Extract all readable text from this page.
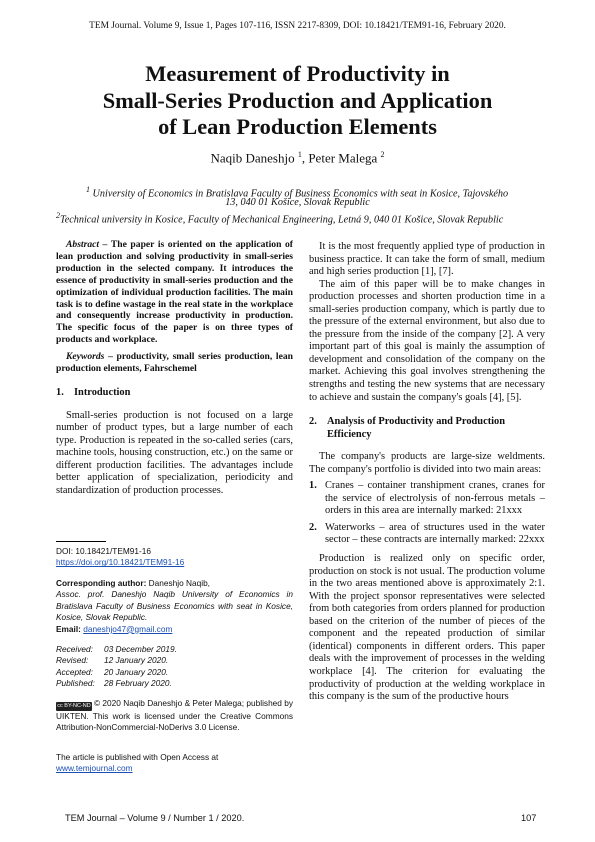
TEM Journal. Volume 9, Issue 1, Pages 107-116, ISSN 2217-8309, DOI: 10.18421/TEM91-16, February 2020.
Measurement of Productivity in
Small-Series Production and Application
of Lean Production Elements
Naqib Daneshjo $^1$, Peter Malega $^2$
$^1$ University of Economics in Bratislava Faculty of Business Economics with seat in Kosice, Tajovského
13, 040 01 Košice, Slovak Republic
$^2$Technical university in Kosice, Faculty of Mechanical Engineering, Letná 9, 040 01 Košice, Slovak Republic

Abstract – The paper is oriented on the application of lean production and solving productivity in small-series production in the selected company. It introduces the essence of productivity in small-series production and the optimization of individual production facilities. The main task is to define wastage in the real state in the workplace and consequently increase productivity in production. The specific focus of the paper is on three types of products and workplace.

Keywords – productivity, small series production, lean production elements, Fahrschemel

1. Introduction

Small-series production is not focused on a large number of product types, but a large number of each type. Production is repeated in the so-called series (cars, machine tools, housing construction, etc.) on the same or different production facilities. The advantages include better application of specialization, periodicity and standardization of production processes.

DOI: 10.18421/TEM91-16

https://doi.org/10.18421/TEM91-16

Corresponding author: Daneshjo Naqib,

Assoc. prof. Daneshjo Naqib University of Economics in Bratislava Faculty of Business Economics with seat in Kosice, Kosice, Slovak Republic.

Email: daneshjo47@gmail.com

Received:	03 December 2019.
Revised:	12 January 2020.
Accepted:	20 January 2020.
Published:	28 February 2020.

cc BY-NC-ND © 2020 Naqib Daneshjo & Peter Malega; published by UIKTEN. This work is licensed under the Creative Commons Attribution-NonCommercial-NoDerivs 3.0 License.

The article is published with Open Access at

www.temjournal.com

It is the most frequently applied type of production in business practice. It can take the form of small, medium and high series production [1], [7].

The aim of this paper will be to make changes in production processes and shorten production time in a small-series production company, which is partly due to the pressure of the external environment, but also due to the pressure from the inside of the company [2]. A very important part of this goal is mainly the assumption of development and consolidation of the company on the market. Achieving this goal involves strengthening the strengths and testing the new systems that are necessary to achieve and sustain the company's goals [4], [5].

2. Analysis of Productivity and Production Efficiency

The company's products are large-size weldments. The company's portfolio is divided into two main areas:

1. Cranes – container transhipment cranes, cranes for the service of electrolysis of non-ferrous metals – orders in this area are internally marked: 21xxx

2. Waterworks – area of structures used in the water sector – these contracts are internally marked: 22xxx

Production is realized only on specific order, production on stock is not usual. The production volume in the two areas mentioned above is approximately 2:1. With the project sponsor representatives were selected from both categories from orders planned for production based on the criterion of the number of pieces of the component and the repeated production of similar (identical) components in different orders. This paper deals with the improvement of processes in the welding workplace [4]. The criterion for evaluating the productivity of production at the welding workplace in this company is the sum of the productive hours

TEM Journal – Volume 9 / Number 1 / 2020.	107
